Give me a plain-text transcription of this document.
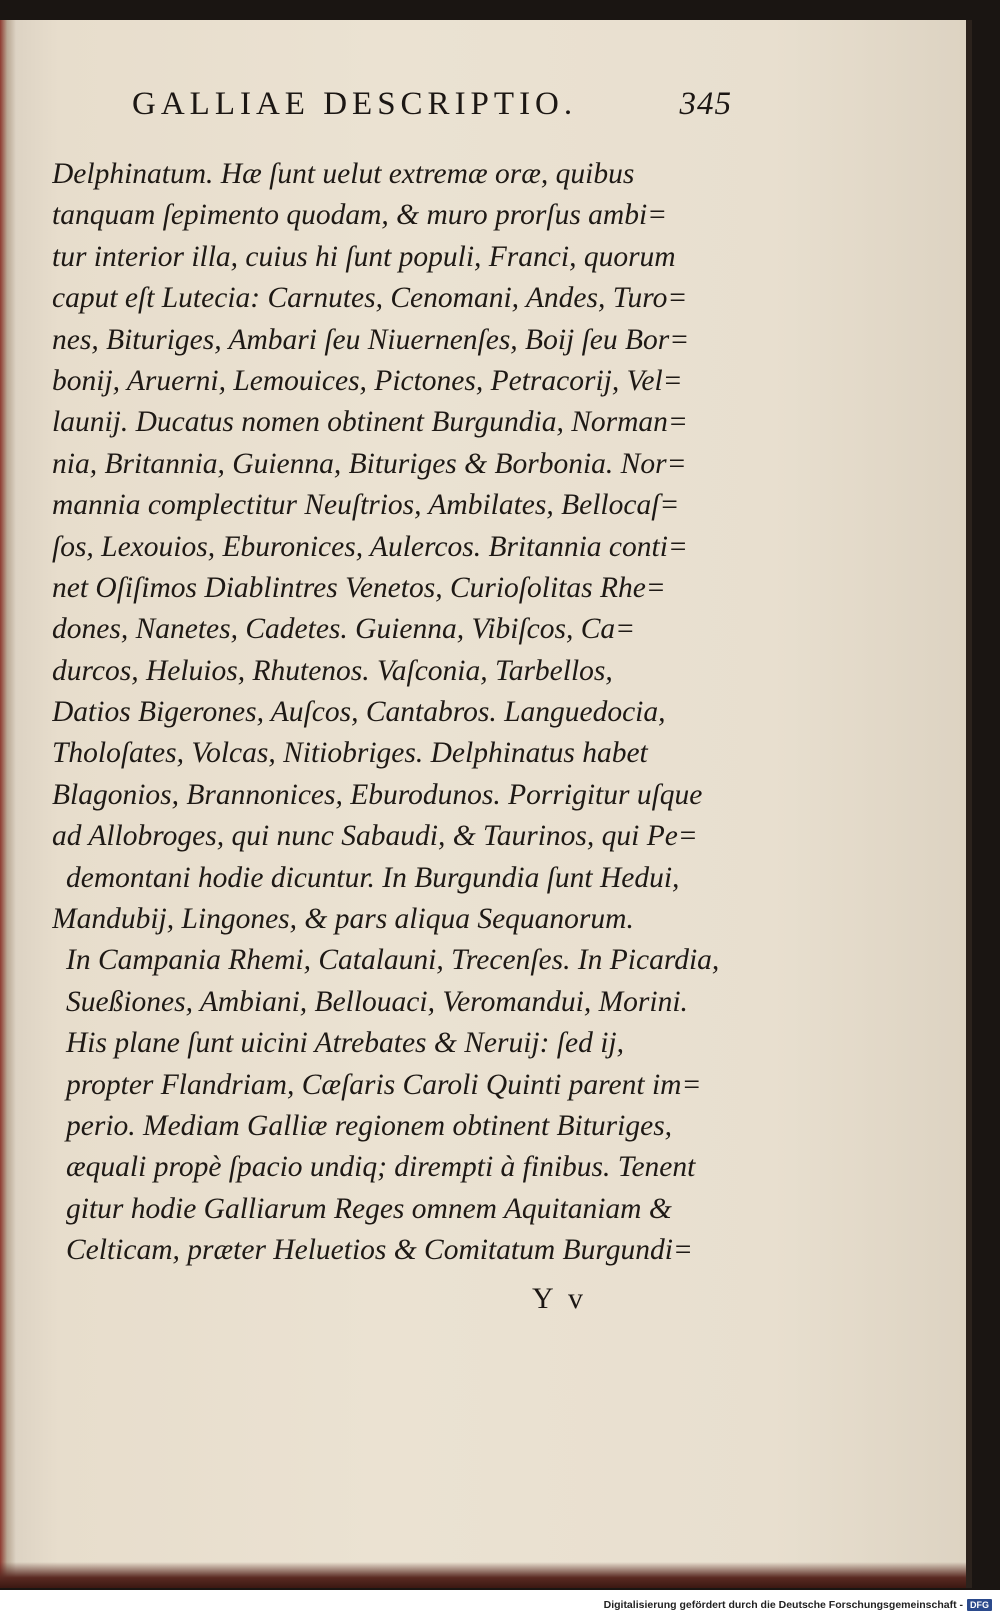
GALLIAE DESCRIPTIO.	345
Delphinatum. Hæ ſunt uelut extremæ oræ, quibus
tanquam ſepimento quodam, & muro prorſus ambi=
tur interior illa, cuius hi ſunt populi, Franci, quorum
caput eſt Lutecia: Carnutes, Cenomani, Andes, Turo=
nes, Bituriges, Ambari ſeu Niuernenſes, Boij ſeu Bor=
bonij, Aruerni, Lemouices, Pictones, Petracorij, Vel=
launij. Ducatus nomen obtinent Burgundia, Norman=
nia, Britannia, Guienna, Bituriges & Borbonia. Nor=
mannia complectitur Neuſtrios, Ambilates, Bellocaſ=
ſos, Lexouios, Eburonices, Aulercos. Britannia conti=
net Oſiſimos Diablintres Venetos, Curioſolitas Rhe=
dones, Nanetes, Cadetes. Guienna, Vibiſcos, Ca=
durcos, Heluios, Rhutenos. Vaſconia, Tarbellos,
Datios Bigerones, Auſcos, Cantabros. Languedocia,
Tholoſates, Volcas, Nitiobriges. Delphinatus habet
Blagonios, Brannonices, Eburodunos. Porrigitur uſque
ad Allobroges, qui nunc Sabaudi, & Taurinos, qui Pe=
demontani hodie dicuntur. In Burgundia ſunt Hedui,
Mandubij, Lingones, & pars aliqua Sequanorum.
In Campania Rhemi, Catalauni, Trecenſes. In Picardia,
Sueßiones, Ambiani, Bellouaci, Veromandui, Morini.
His plane ſunt uicini Atrebates & Neruij: ſed ij,
propter Flandriam, Cæſaris Caroli Quinti parent im=
perio. Mediam Galliæ regionem obtinent Bituriges,
æquali propè ſpacio undiq; dirempti à finibus. Tenent
gitur hodie Galliarum Reges omnem Aquitaniam &
Celticam, præter Heluetios & Comitatum Burgundi=
Y v
Digitalisierung gefördert durch die Deutsche Forschungsgemeinschaft - DFG
